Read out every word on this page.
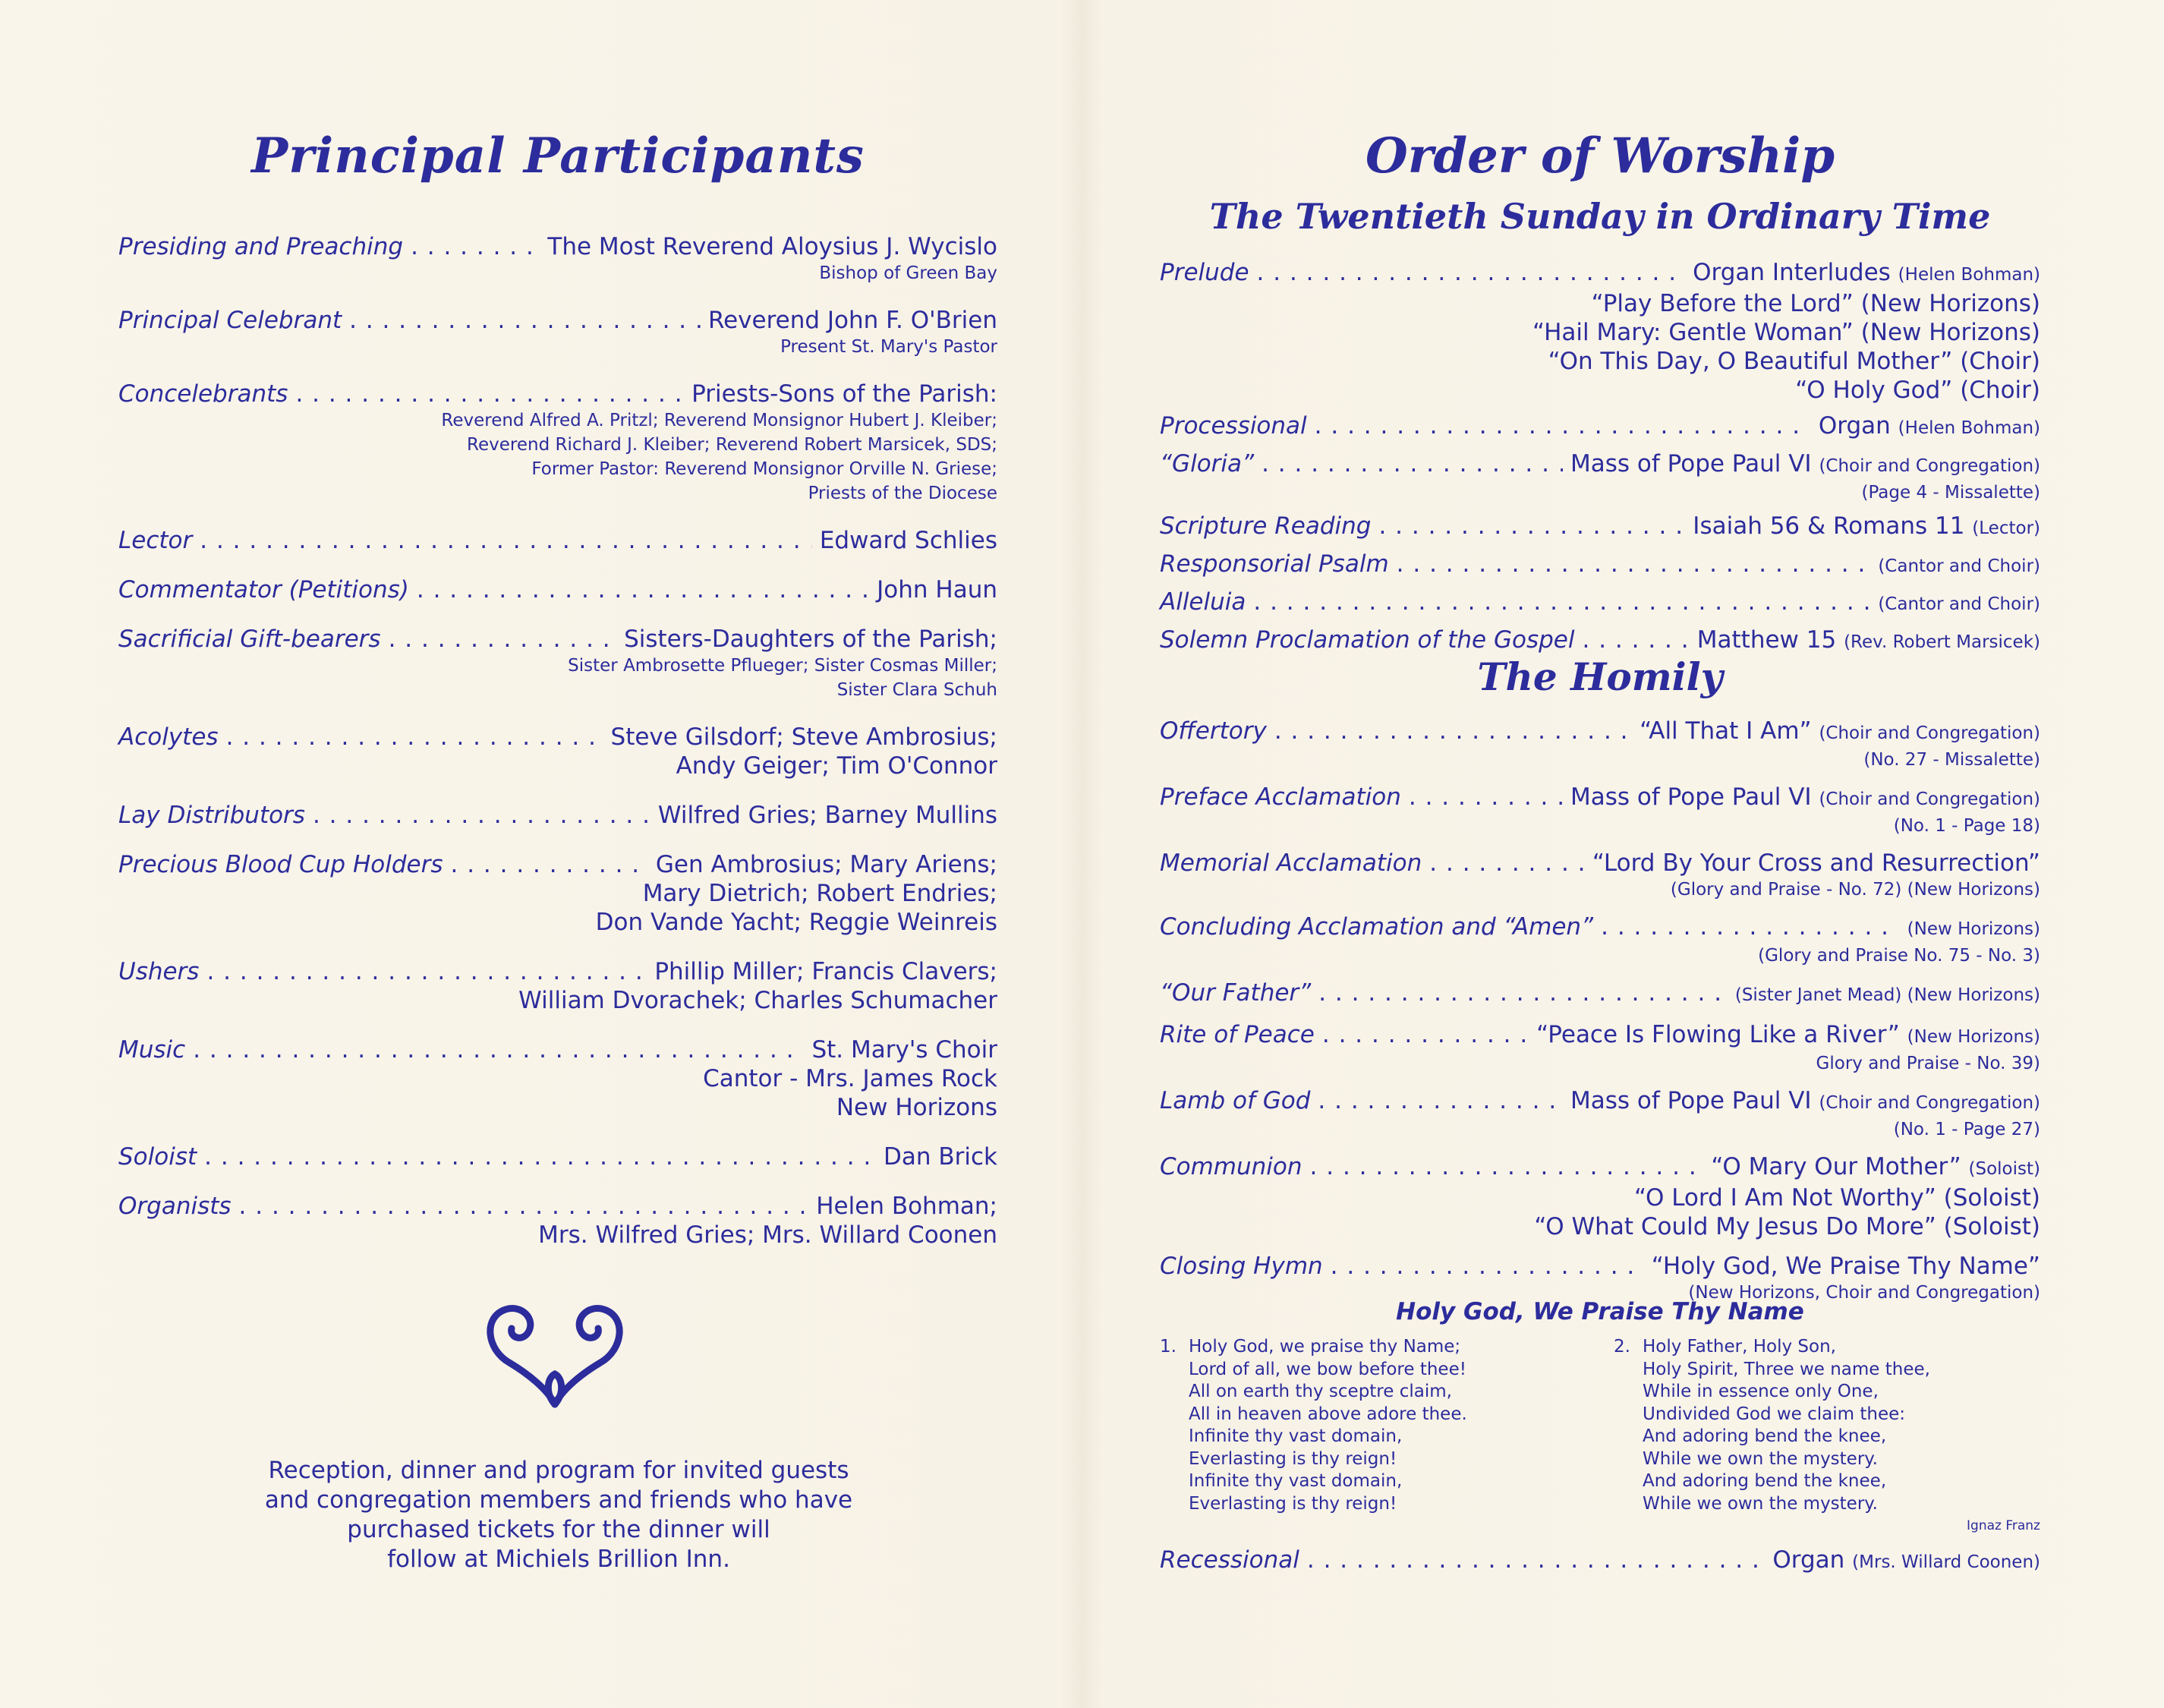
Principal Participants
Presiding and Preaching . . .	The Most Reverend Aloysius J. Wycislo
Bishop of Green Bay
Principal Celebrant . . .	Reverend John F. O'Brien
Present St. Mary's Pastor
Concelebrants . . .	Priests-Sons of the Parish:
Reverend Alfred A. Pritzl; Reverend Monsignor Hubert J. Kleiber;
Reverend Richard J. Kleiber; Reverend Robert Marsicek, SDS;
Former Pastor: Reverend Monsignor Orville N. Griese;
Priests of the Diocese
Lector . . .	Edward Schlies
Commentator (Petitions) . . .	John Haun
Sacrificial Gift-bearers . . .	Sisters-Daughters of the Parish;
Sister Ambrosette Pflueger; Sister Cosmas Miller;
Sister Clara Schuh
Acolytes . . .	Steve Gilsdorf; Steve Ambrosius;
Andy Geiger; Tim O'Connor
Lay Distributors . . .	Wilfred Gries; Barney Mullins
Precious Blood Cup Holders . . .	Gen Ambrosius; Mary Ariens;
Mary Dietrich; Robert Endries;
Don Vande Yacht; Reggie Weinreis
Ushers . . .	Phillip Miller; Francis Clavers;
William Dvorachek; Charles Schumacher
Music . . .	St. Mary's Choir
Cantor - Mrs. James Rock
New Horizons
Soloist . . .	Dan Brick
Organists . . .	Helen Bohman;
Mrs. Wilfred Gries; Mrs. Willard Coonen
Reception, dinner and program for invited guests
and congregation members and friends who have
purchased tickets for the dinner will
follow at Michiels Brillion Inn.
Order of Worship
The Twentieth Sunday in Ordinary Time
Prelude . . .	Organ Interludes (Helen Bohman)
“Play Before the Lord” (New Horizons)
“Hail Mary: Gentle Woman” (New Horizons)
“On This Day, O Beautiful Mother” (Choir)
“O Holy God” (Choir)
Processional . . .	Organ (Helen Bohman)
“Gloria” . . .	Mass of Pope Paul VI (Choir and Congregation)
(Page 4 - Missalette)
Scripture Reading . . .	Isaiah 56 & Romans 11 (Lector)
Responsorial Psalm . . .	(Cantor and Choir)
Alleluia . . .	(Cantor and Choir)
Solemn Proclamation of the Gospel . . .	Matthew 15 (Rev. Robert Marsicek)
The Homily
Offertory . . .	“All That I Am” (Choir and Congregation)
(No. 27 - Missalette)
Preface Acclamation . . .	Mass of Pope Paul VI (Choir and Congregation)
(No. 1 - Page 18)
Memorial Acclamation . . .	“Lord By Your Cross and Resurrection”
(Glory and Praise - No. 72) (New Horizons)
Concluding Acclamation and “Amen” . . .	(New Horizons)
(Glory and Praise No. 75 - No. 3)
“Our Father” . . .	(Sister Janet Mead) (New Horizons)
Rite of Peace . . .	“Peace Is Flowing Like a River” (New Horizons)
Glory and Praise - No. 39)
Lamb of God . . .	Mass of Pope Paul VI (Choir and Congregation)
(No. 1 - Page 27)
Communion . . .	“O Mary Our Mother” (Soloist)
“O Lord I Am Not Worthy” (Soloist)
“O What Could My Jesus Do More” (Soloist)
Closing Hymn . . .	“Holy God, We Praise Thy Name”
(New Horizons, Choir and Congregation)
Holy God, We Praise Thy Name
1. Holy God, we praise thy Name;
Lord of all, we bow before thee!
All on earth thy sceptre claim,
All in heaven above adore thee.
Infinite thy vast domain,
Everlasting is thy reign!
Infinite thy vast domain,
Everlasting is thy reign!
2. Holy Father, Holy Son,
Holy Spirit, Three we name thee,
While in essence only One,
Undivided God we claim thee:
And adoring bend the knee,
While we own the mystery.
And adoring bend the knee,
While we own the mystery.
Ignaz Franz
Recessional . . .	Organ (Mrs. Willard Coonen)
